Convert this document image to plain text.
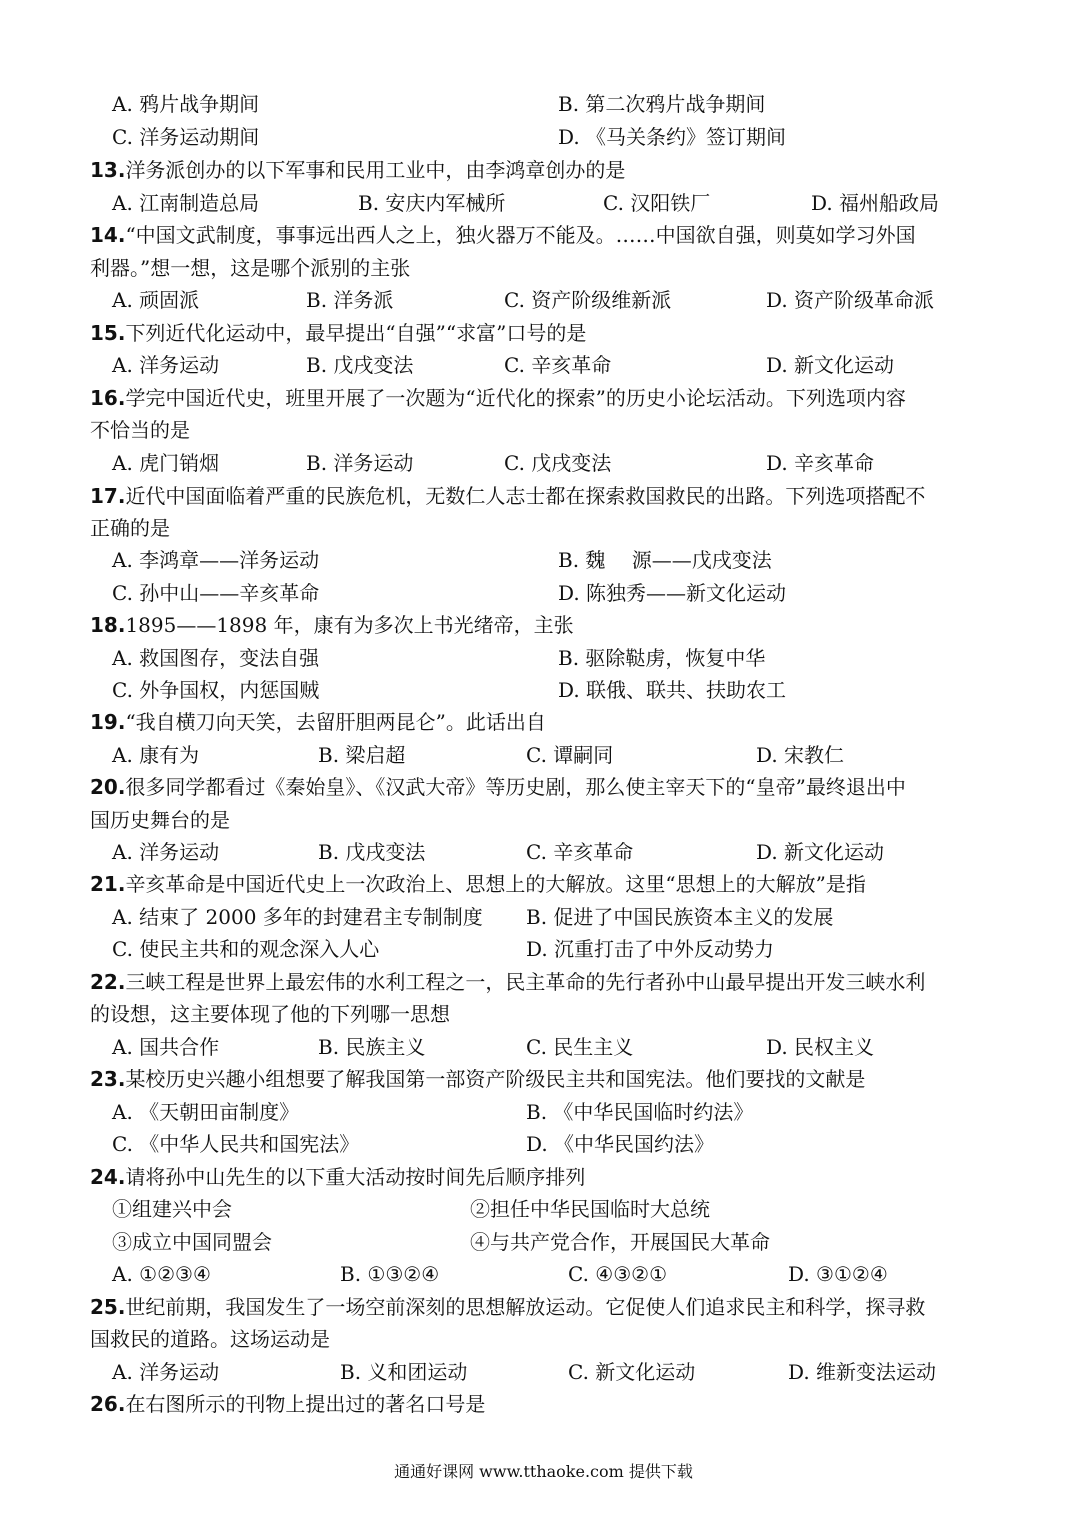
A. 鸦片战争期间	B. 第二次鸦片战争期间
C. 洋务运动期间	D. 《马关条约》签订期间
13.洋务派创办的以下军事和民用工业中，由李鸿章创办的是
A. 江南制造总局	B. 安庆内军械所	C. 汉阳铁厂	D. 福州船政局
14.“中国文武制度，事事远出西人之上，独火器万不能及。……中国欲自强，则莫如学习外国
利器。”想一想，这是哪个派别的主张
A. 顽固派	B. 洋务派	C. 资产阶级维新派	D. 资产阶级革命派
15.下列近代化运动中，最早提出“自强”“求富”口号的是
A. 洋务运动	B. 戊戌变法	C. 辛亥革命	D. 新文化运动
16.学完中国近代史，班里开展了一次题为“近代化的探索”的历史小论坛活动。下列选项内容
不恰当的是
A. 虎门销烟	B. 洋务运动	C. 戊戌变法	D. 辛亥革命
17.近代中国面临着严重的民族危机，无数仁人志士都在探索救国救民的出路。下列选项搭配不
正确的是
A. 李鸿章——洋务运动	B. 魏　 源——戊戌变法
C. 孙中山——辛亥革命	D. 陈独秀——新文化运动
18.1895——1898 年，康有为多次上书光绪帝，主张
A. 救国图存，变法自强	B. 驱除鞑虏，恢复中华
C. 外争国权，内惩国贼	D. 联俄、联共、扶助农工
19.“我自横刀向天笑，去留肝胆两昆仑”。此话出自
A. 康有为	B. 梁启超	C. 谭嗣同	D. 宋教仁
20.很多同学都看过《秦始皇》、《汉武大帝》等历史剧，那么使主宰天下的“皇帝”最终退出中
国历史舞台的是
A. 洋务运动	B. 戊戌变法	C. 辛亥革命	D. 新文化运动
21.辛亥革命是中国近代史上一次政治上、思想上的大解放。这里“思想上的大解放”是指
A. 结束了 2000 多年的封建君主专制制度 B. 促进了中国民族资本主义的发展
C. 使民主共和的观念深入人心	D. 沉重打击了中外反动势力
22.三峡工程是世界上最宏伟的水利工程之一，民主革命的先行者孙中山最早提出开发三峡水利
的设想，这主要体现了他的下列哪一思想
A. 国共合作	B. 民族主义	C. 民生主义	D. 民权主义
23.某校历史兴趣小组想要了解我国第一部资产阶级民主共和国宪法。他们要找的文献是
A. 《天朝田亩制度》	B. 《中华民国临时约法》
C. 《中华人民共和国宪法》	D. 《中华民国约法》
24.请将孙中山先生的以下重大活动按时间先后顺序排列
①组建兴中会	②担任中华民国临时大总统
③成立中国同盟会	④与共产党合作，开展国民大革命
A. ①②③④	B. ①③②④	C. ④③②①	D. ③①②④
25.世纪前期，我国发生了一场空前深刻的思想解放运动。它促使人们追求民主和科学，探寻救
国救民的道路。这场运动是
A. 洋务运动	B. 义和团运动	C. 新文化运动	D. 维新变法运动
26.在右图所示的刊物上提出过的著名口号是
通通好课网 www.tthaoke.com 提供下载
